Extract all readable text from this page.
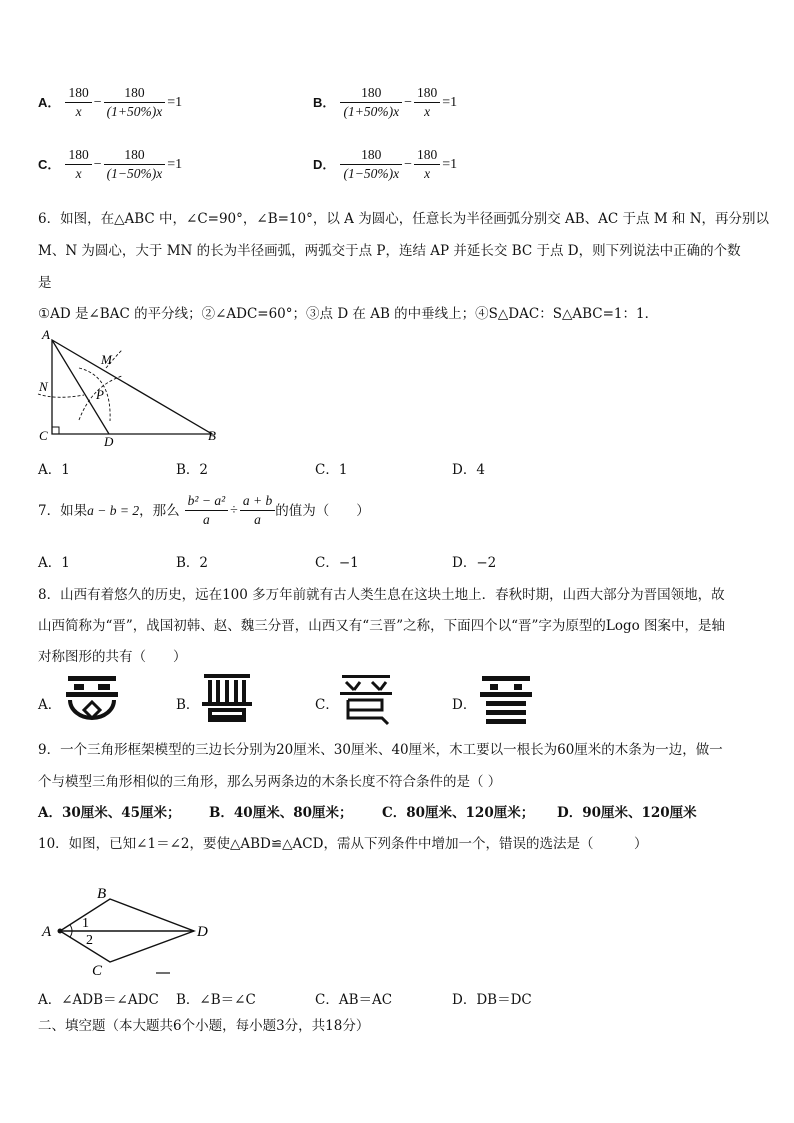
A． $\frac{180}{x} - \frac{180}{(1+50\%)x} =1$	B． $\frac{180}{(1+50\%)x} - \frac{180}{x} =1$
C． $\frac{180}{x} - \frac{180}{(1-50\%)x} =1$	D． $\frac{180}{(1-50\%)x} - \frac{180}{x} =1$
6．如图，在△ABC 中，∠C=90°，∠B=10°，以 A 为圆心，任意长为半径画弧分别交 AB、AC 于点 M 和 N，再分别以
M、N 为圆心，大于 MN 的长为半径画弧，两弧交于点 P，连结 AP 并延长交 BC 于点 D，则下列说法中正确的个数
是
①AD 是∠BAC 的平分线；②∠ADC=60°；③点 D 在 AB 的中垂线上；④S△DAC：S△ABC=1：1．
A
M
N
P
C	D	B
A．1	B．2	C．1	D．4
7．如果a − b = 2，那么 $\frac{\text{b² − a²}}{a} \div \frac{a + b}{a}$ 的值为（　　）
A．1	B．2	C．−1	D．−2
8．山西有着悠久的历史，远在100 多万年前就有古人类生息在这块土地上．春秋时期，山西大部分为晋国领地，故
山西简称为“晋”，战国初韩、赵、魏三分晋，山西又有“三晋”之称，下面四个以“晋”字为原型的Logo 图案中，是轴
对称图形的共有（　　）
A．	B．	C．	D．
9．一个三角形框架模型的三边长分别为20厘米、30厘米、40厘米，木工要以一根长为60厘米的木条为一边，做一
个与模型三角形相似的三角形，那么另两条边的木条长度不符合条件的是（ ）
A．30厘米、45厘米； B．40厘米、80厘米； C．80厘米、120厘米； D．90厘米、120厘米
10．如图，已知∠1＝∠2，要使△ABD≌△ACD，需从下列条件中增加一个，错误的选法是（　　　）
A
B
D
C
1
2
A．∠ADB＝∠ADC B．∠B＝∠C	C．AB＝AC	D．DB＝DC
二、填空题（本大题共6个小题，每小题3分，共18分）
